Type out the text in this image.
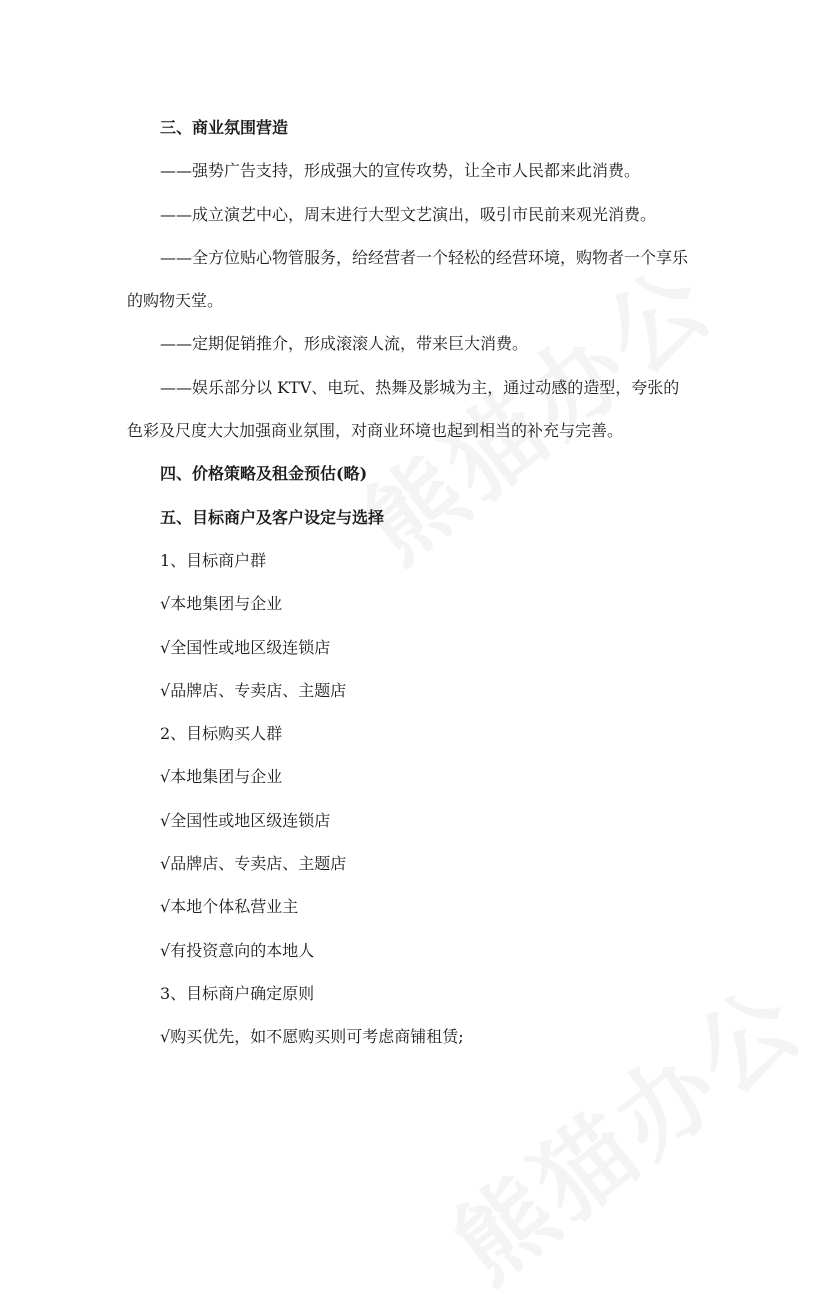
三、商业氛围营造

——强势广告支持，形成强大的宣传攻势，让全市人民都来此消费。

——成立演艺中心，周末进行大型文艺演出，吸引市民前来观光消费。

——全方位贴心物管服务，给经营者一个轻松的经营环境，购物者一个享乐
的购物天堂。

——定期促销推介，形成滚滚人流，带来巨大消费。

——娱乐部分以 KTV、电玩、热舞及影城为主，通过动感的造型，夸张的
色彩及尺度大大加强商业氛围，对商业环境也起到相当的补充与完善。

四、价格策略及租金预估(略)

五、目标商户及客户设定与选择

1、目标商户群

√本地集团与企业

√全国性或地区级连锁店

√品牌店、专卖店、主题店

2、目标购买人群

√本地集团与企业

√全国性或地区级连锁店

√品牌店、专卖店、主题店

√本地个体私营业主

√有投资意向的本地人

3、目标商户确定原则

√购买优先，如不愿购买则可考虑商铺租赁;
